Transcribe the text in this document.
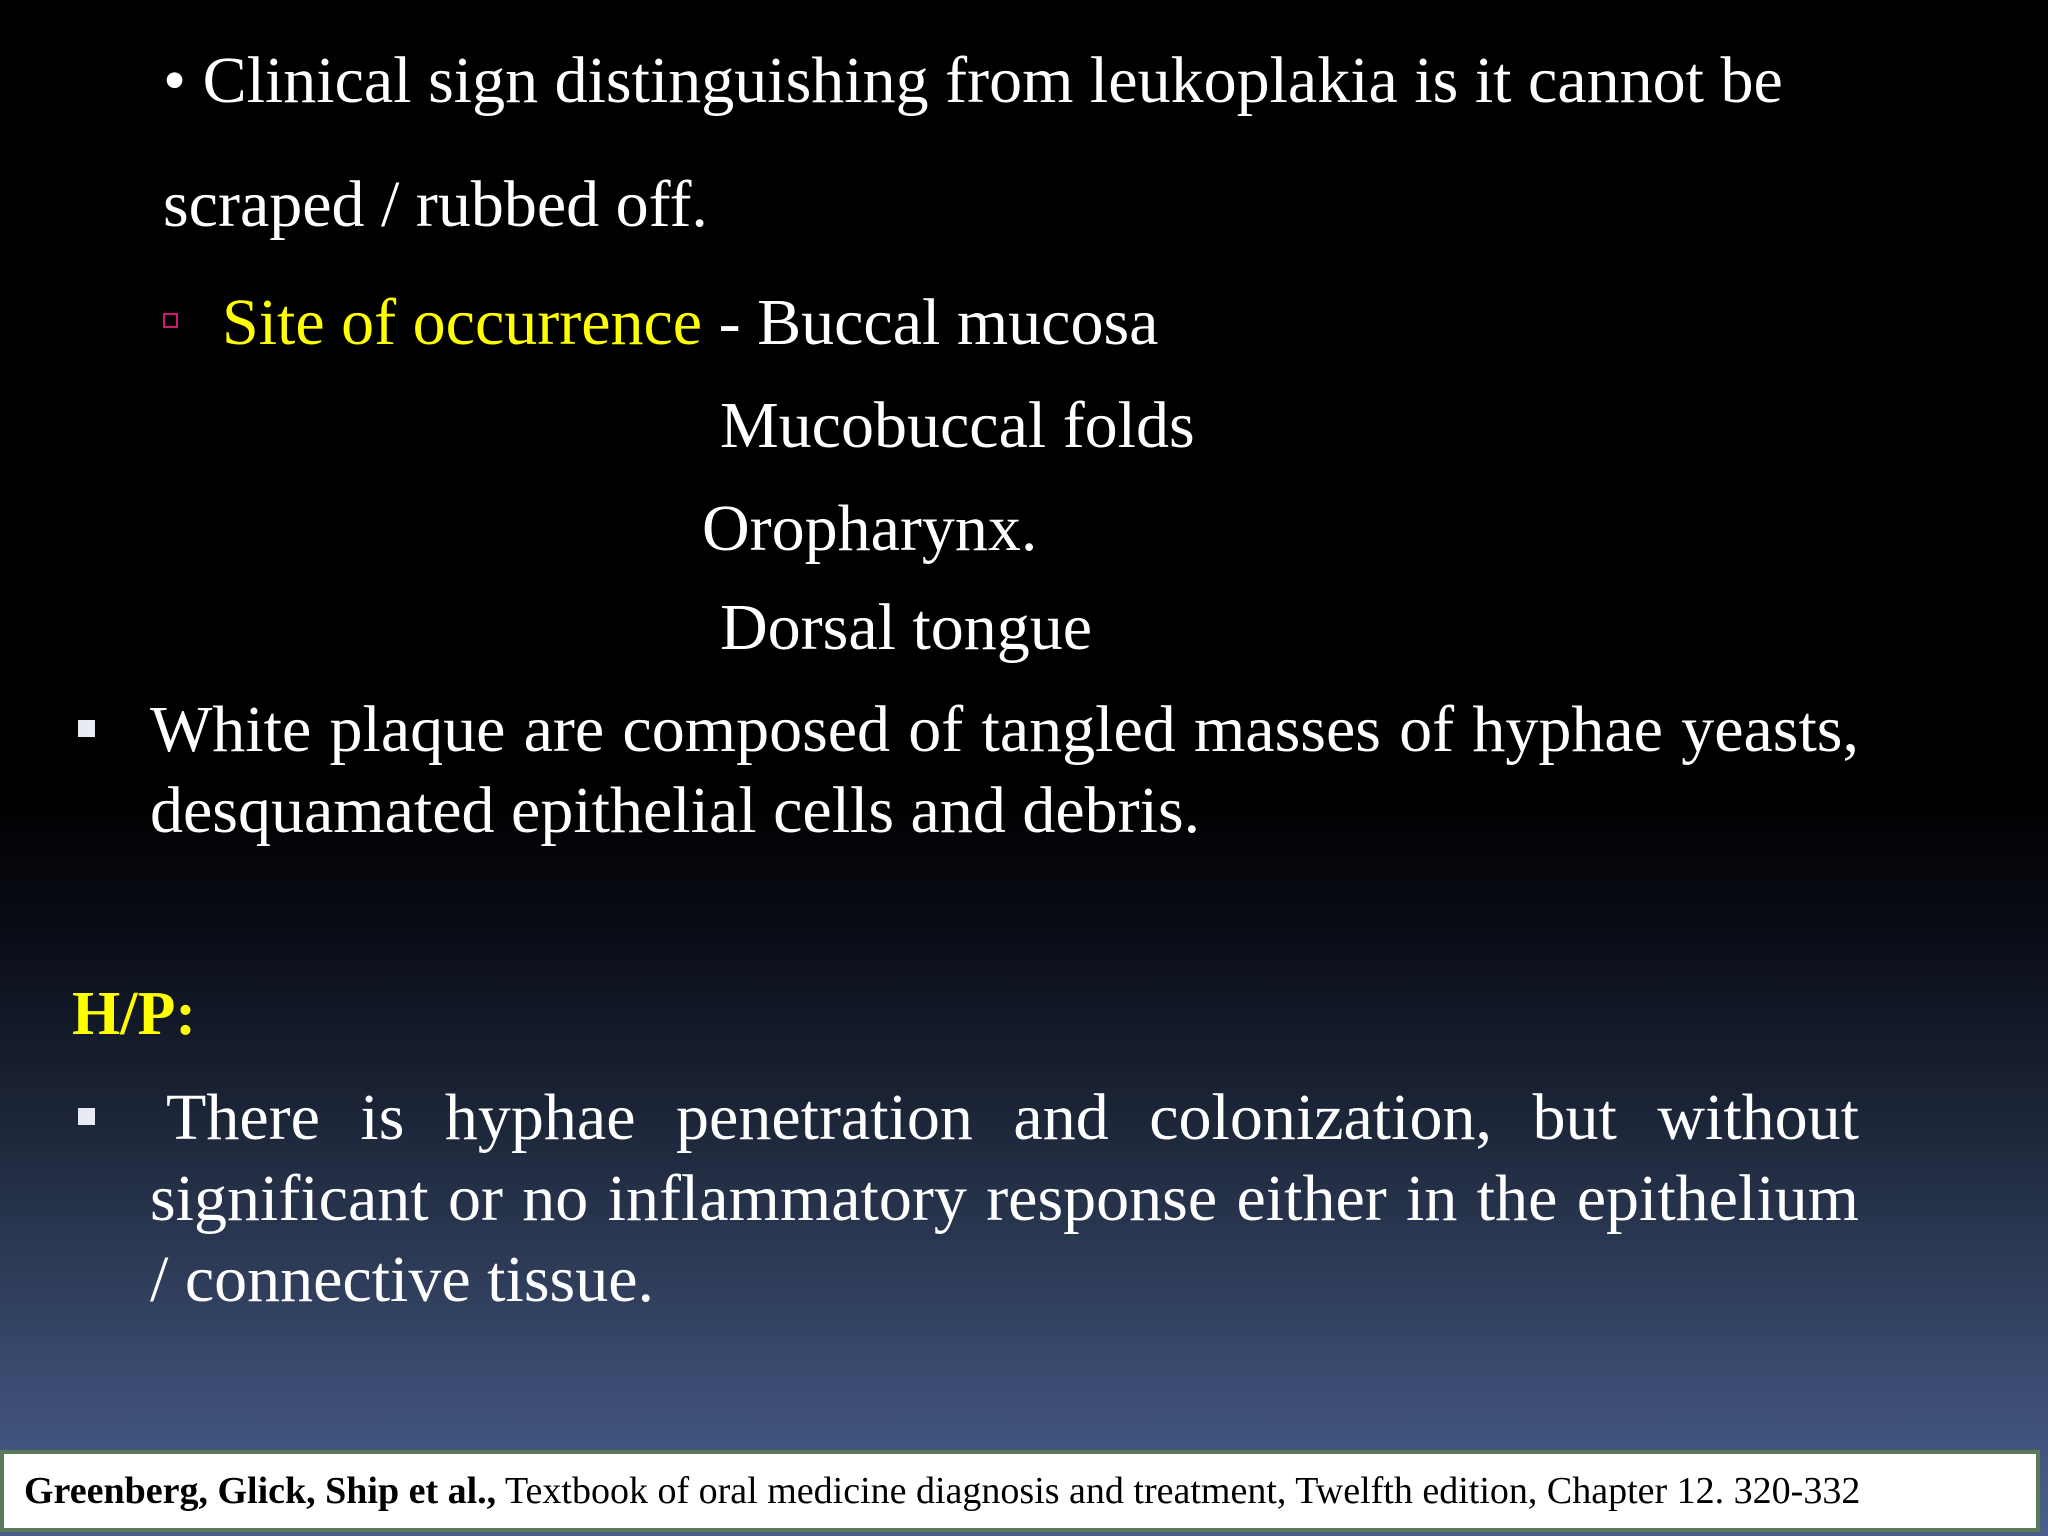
• Clinical sign distinguishing from leukoplakia is it cannot be

scraped / rubbed off.

Site of occurrence - Buccal mucosa

Mucobuccal folds

Oropharynx.

Dorsal tongue

White plaque are composed of tangled masses of hyphae yeasts, desquamated epithelial cells and debris.

H/P:

There is hyphae penetration and colonization, but without significant or no inflammatory response either in the epithelium / connective tissue.

Greenberg, Glick, Ship et al., Textbook of oral medicine diagnosis and treatment, Twelfth edition, Chapter 12. 320-332
